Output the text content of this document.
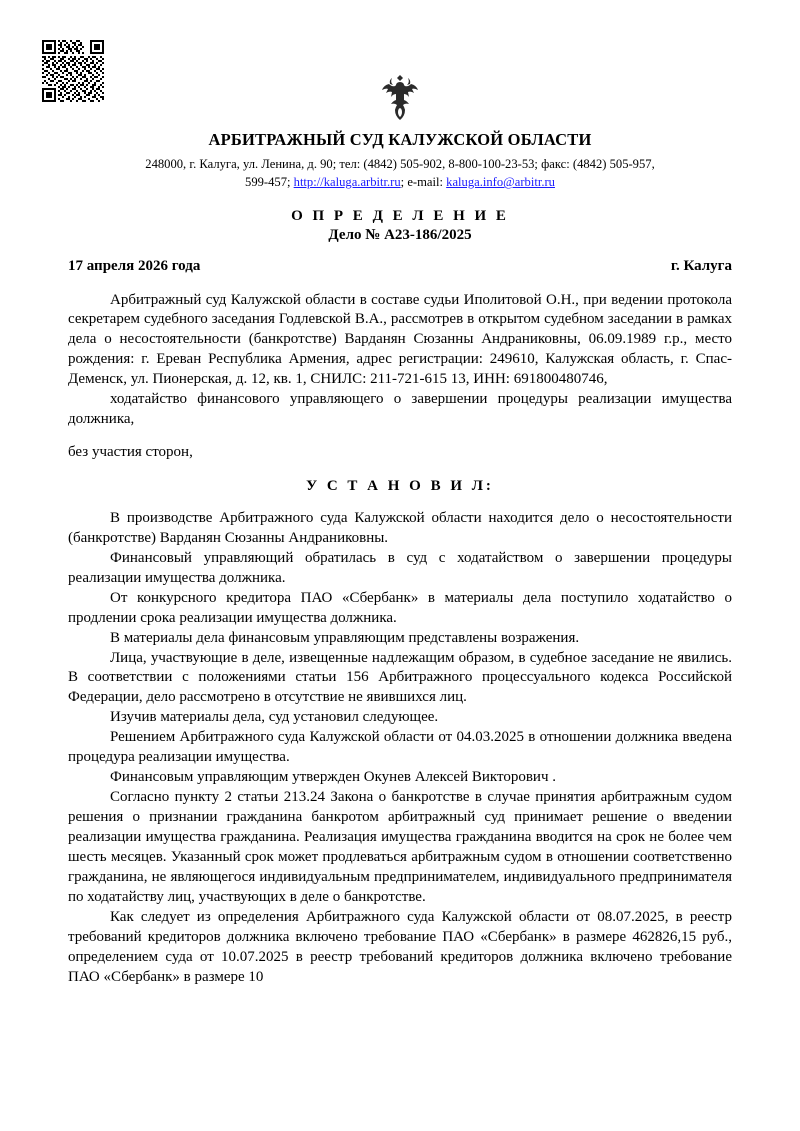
АРБИТРАЖНЫЙ СУД КАЛУЖСКОЙ ОБЛАСТИ
248000, г. Калуга, ул. Ленина, д. 90; тел: (4842) 505-902, 8-800-100-23-53; факс: (4842) 505-957,
599-457; http://kaluga.arbitr.ru; e-mail: kaluga.info@arbitr.ru
О П Р Е Д Е Л Е Н И Е
Дело № А23-186/2025
17 апреля 2026 года	г. Калуга

Арбитражный суд Калужской области в составе судьи Иполитовой О.Н., при ведении протокола секретарем судебного заседания Годлевской В.А., рассмотрев в открытом судебном заседании в рамках дела о несостоятельности (банкротстве) Варданян Сюзанны Андраниковны, 06.09.1989 г.р., место рождения: г. Ереван Республика Армения, адрес регистрации: 249610, Калужская область, г. Спас-Деменск, ул. Пионерская, д. 12, кв. 1, СНИЛС: 211-721-615 13, ИНН: 691800480746,

ходатайство финансового управляющего о завершении процедуры реализации имущества должника,

без участия сторон,

У С Т А Н О В И Л:

В производстве Арбитражного суда Калужской области находится дело о несостоятельности (банкротстве) Варданян Сюзанны Андраниковны.

Финансовый управляющий обратилась в суд с ходатайством о завершении процедуры реализации имущества должника.

От конкурсного кредитора ПАО «Сбербанк» в материалы дела поступило ходатайство о продлении срока реализации имущества должника.

В материалы дела финансовым управляющим представлены возражения.

Лица, участвующие в деле, извещенные надлежащим образом, в судебное заседание не явились. В соответствии с положениями статьи 156 Арбитражного процессуального кодекса Российской Федерации, дело рассмотрено в отсутствие не явившихся лиц.

Изучив материалы дела, суд установил следующее.

Решением Арбитражного суда Калужской области от 04.03.2025 в отношении должника введена процедура реализации имущества.

Финансовым управляющим утвержден Окунев Алексей Викторович .

Согласно пункту 2 статьи 213.24 Закона о банкротстве в случае принятия арбитражным судом решения о признании гражданина банкротом арбитражный суд принимает решение о введении реализации имущества гражданина. Реализация имущества гражданина вводится на срок не более чем шесть месяцев. Указанный срок может продлеваться арбитражным судом в отношении соответственно гражданина, не являющегося индивидуальным предпринимателем, индивидуального предпринимателя по ходатайству лиц, участвующих в деле о банкротстве.

Как следует из определения Арбитражного суда Калужской области от 08.07.2025, в реестр требований кредиторов должника включено требование ПАО «Сбербанк» в размере 462826,15 руб., определением суда от 10.07.2025 в реестр требований кредиторов должника включено требование ПАО «Сбербанк» в размере 10
